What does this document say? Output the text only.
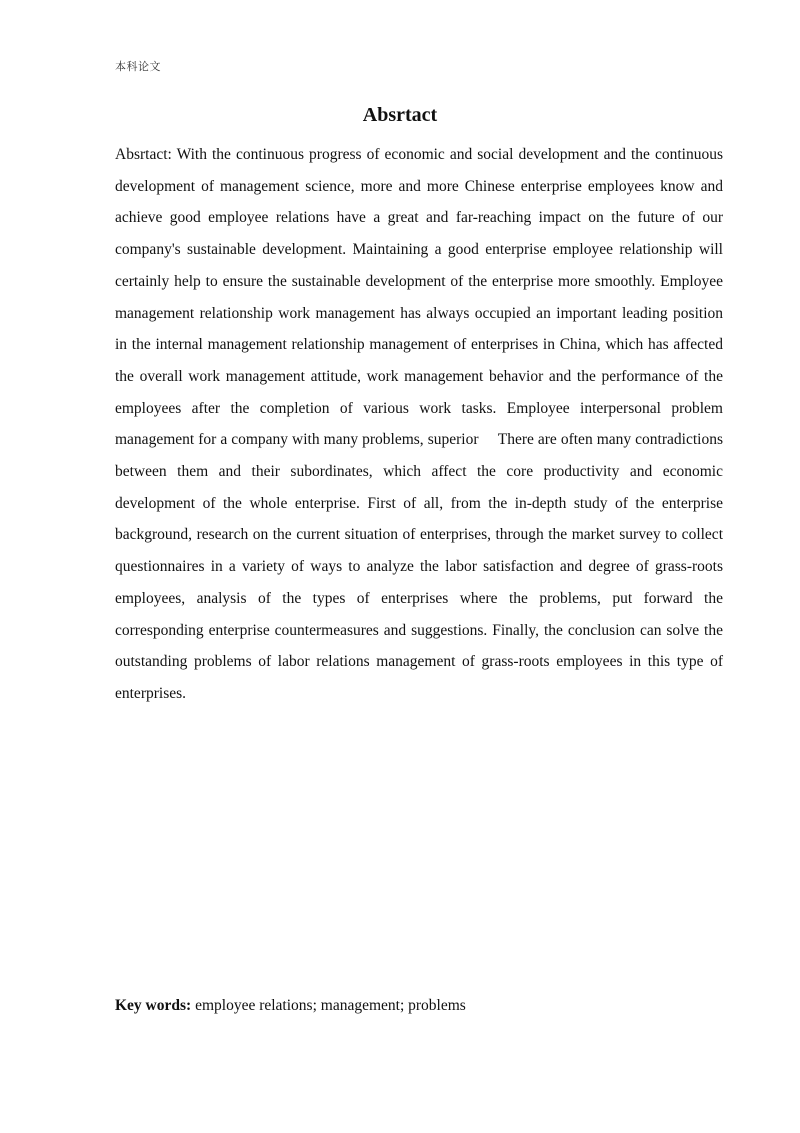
本科论文
Absrtact

Absrtact: With the continuous progress of economic and social development and the continuous development of management science, more and more Chinese enterprise employees know and achieve good employee relations have a great and far-reaching impact on the future of our company's sustainable development. Maintaining a good enterprise employee relationship will certainly help to ensure the sustainable development of the enterprise more smoothly. Employee management relationship work management has always occupied an important leading position in the internal management relationship management of enterprises in China, which has affected the overall work management attitude, work management behavior and the performance of the employees after the completion of various work tasks. Employee interpersonal problem management for a company with many problems, superior  There are often many contradictions between them and their subordinates, which affect the core productivity and economic development of the whole enterprise. First of all, from the in-depth study of the enterprise background, research on the current situation of enterprises, through the market survey to collect questionnaires in a variety of ways to analyze the labor satisfaction and degree of grass-roots employees, analysis of the types of enterprises where the problems, put forward the corresponding enterprise countermeasures and suggestions. Finally, the conclusion can solve the outstanding problems of labor relations management of grass-roots employees in this type of enterprises.

Key words: employee relations; management; problems
